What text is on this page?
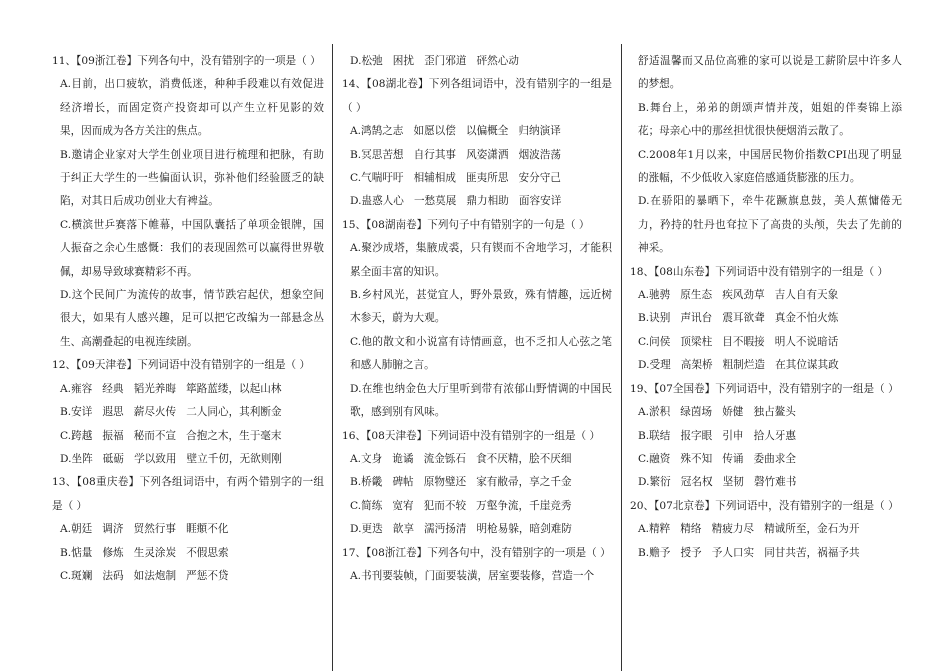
11、【09浙江卷】下列各句中，没有错别字的一项是（ ）

A.目前，出口疲软，消费低迷，种种手段难以有效促进经济增长，而固定资产投资却可以产生立杆见影的效果，因而成为各方关注的焦点。

B.邀请企业家对大学生创业项目进行梳理和把脉，有助于纠正大学生的一些偏面认识，弥补他们经验匮乏的缺陷，对其日后成功创业大有裨益。

C.横滨世乒赛落下帷幕，中国队囊括了单项金银牌，国人振奋之余心生感慨：我们的表现固然可以赢得世界敬佩，却易导致球赛精彩不再。

D.这个民间广为流传的故事，情节跌宕起伏，想象空间很大，如果有人感兴趣，足可以把它改编为一部悬念丛生、高潮叠起的电视连续剧。

12、【09天津卷】下列词语中没有错别字的一组是（ ）

A.雍容   经典   韬光养晦   筚路蓝缕，以起山林

B.安详   遐思   薪尽火传   二人同心，其利断金

C.跨越   振福   秘而不宣   合抱之木，生于毫末

D.坐阵   砥砺   学以致用   壁立千仞，无欲则刚

13、【08重庆卷】下列各组词语中，有两个错别字的一组是（ ）

A.朝廷   调济   贸然行事   睚頫不化

B.惦量   修炼   生灵涂炭   不假思索

C.斑斓   法码   如法炮制   严惩不贷

D.松弛   困扰   歪门邪道   砰然心动

14、【08湖北卷】下列各组词语中，没有错别字的一组是（ ）

A.鸿鹄之志   如愿以偿   以偏概全   归纳演译

B.冥思苦想   自行其事   风姿潇洒   烟波浩荡

C.气喘吁吁   相辅相成   匪夷所思   安分守己

D.蛊惑人心   一愁莫展   鼎力相助   面容安详

15、【08湖南卷】下列句子中有错别字的一句是（ ）

A.聚沙成塔，集腋成裘，只有锲而不舍地学习，才能积累全面丰富的知识。

B.乡村风光，甚觉宜人，野外景致，殊有情趣，远近树木参天，蔚为大观。

C.他的散文和小说富有诗情画意，也不乏扣人心弦之笔和感人肺腑之言。

D.在维也纳金色大厅里听到带有浓郁山野情调的中国民歌，感到别有风味。

16、【08天津卷】下列词语中没有错别字的一组是（ ）

A.文身   诡谲   流金铄石   食不厌精，脍不厌细

B.桥畿   碑帖   原物璧还   家有敝帚，享之千金

C.简练   宽宥   犯而不较   万壑争流，千崖竞秀

D.更迭   歆享   濡沔扬清   明枪易躲，暗剑难防

17、【08浙江卷】下列各句中，没有错别字的一项是（ ）

A.书刊要装帧，门面要装潢，居室要装修，营造一个

舒适温馨而又品位高雅的家可以说是工薪阶层中许多人的梦想。

B.舞台上，弟弟的朗颂声情并茂，姐姐的伴奏锦上添花；母亲心中的那丝担忧很快便烟消云散了。

C.2008年1月以来，中国居民物价指数CPI出现了明显的涨幅，不少低收入家庭倍感通货膨涨的压力。

D.在骄阳的暴晒下，牵牛花蹶旗息鼓，美人蕉慵倦无力，矜持的牡丹也耷拉下了高贵的头颅，失去了先前的神采。

18、【08山东卷】下列词语中没有错别字的一组是（ ）

A.驰骋   原生态   疾风劲草   吉人自有天象

B.诀别   声讯台   震耳欲聋   真金不怕火炼

C.问侯   顶梁柱   目不暇接   明人不说暗话

D.受理   高架桥   粗制烂造   在其位谋其政

19、【07全国卷】下列词语中，没有错别字的一组是（ ）

A.淤积   绿茵场   娇健   独占鳌头

B.联结   报字眼   引申   拾人牙惠

C.融资   殊不知   传诵   委曲求全

D.繁衍   冠名权   坚韧   磬竹难书

20、【07北京卷】下列词语中，没有错别字的一组是（ ）

A.精粹   精络   精疲力尽   精诚所至，金石为开

B.赡予   授予   予人口实   同甘共苦，祸福予共
